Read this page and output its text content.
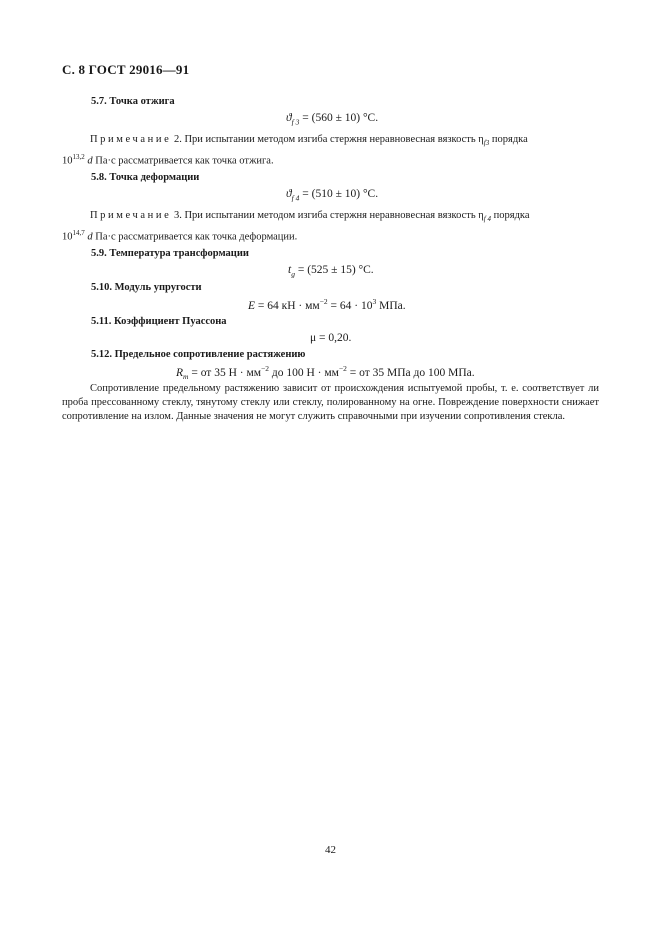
С. 8 ГОСТ 29016—91
5.7. Точка отжига
$ϑ_{f 3} = (560 \pm 10)$ °С.
Примечание 2. При испытании методом изгиба стержня неравновесная вязкость $\eta_{f3}$ порядка
10$^{13,2}$ d Па·с рассматривается как точка отжига.
5.8. Точка деформации
$ϑ_{f 4} = (510 \pm 10)$ °С.
Примечание 3. При испытании методом изгиба стержня неравновесная вязкость $\eta_{f 4}$ порядка
10$^{14,7}$ d Па·с рассматривается как точка деформации.
5.9. Температура трансформации
$t_g = (525 \pm 15)$ °С.
5.10. Модуль упругости
E = 64 кН · $мм^{-2} = 64 \cdot 10^3$ МПа.
5.11. Коэффициент Пуассона
μ = 0,20.
5.12. Предельное сопротивление растяжению
$R_m$ = от 35 $Н \cdot мм^{-2}$ до 100 $Н \cdot мм^{-2}$ = от 35 МПа до 100 МПа.
Сопротивление предельному растяжению зависит от происхождения испытуемой пробы, т. е. соответствует ли проба прессованному стеклу, тянутому стеклу или стеклу, полированному на огне. Повреждение поверхности снижает сопротивление на излом. Данные значения не могут служить справочными при изучении сопротивления стекла.
42
